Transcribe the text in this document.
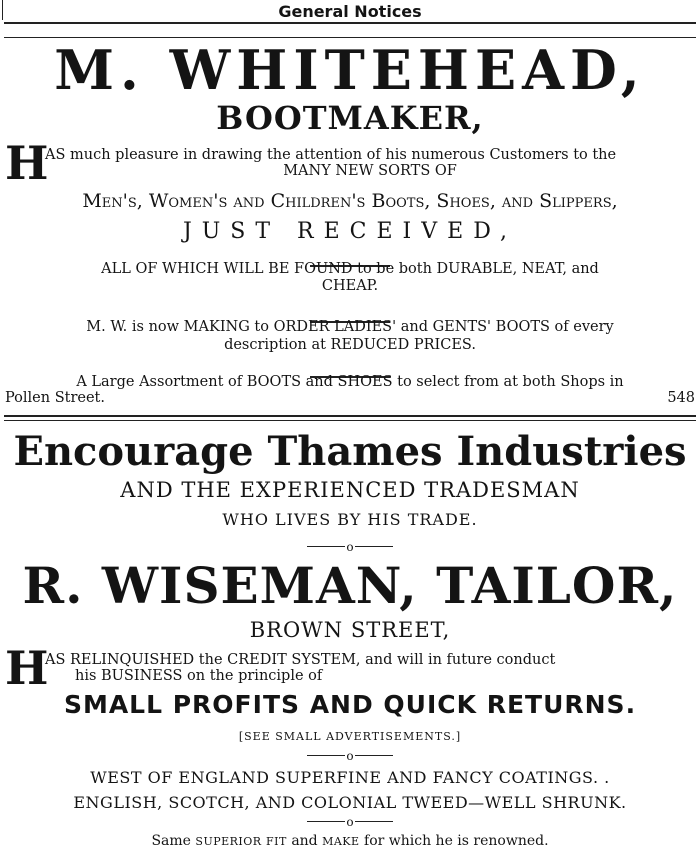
General Notices
M. WHITEHEAD,
BOOTMAKER,
H
AS much pleasure in drawing the attention of his numerous Customers to the
MANY NEW SORTS OF
Men's, Women's and Children's Boots, Shoes, and Slippers,
JUST RECEIVED,
ALL OF WHICH WILL BE FOUND to be both DURABLE, NEAT, and
CHEAP.
M. W. is now MAKING to ORDER LADIES' and GENTS' BOOTS of every
description at REDUCED PRICES.
A Large Assortment of BOOTS and SHOES to select from at both Shops in
Pollen Street.	548
Encourage Thames Industries
AND THE EXPERIENCED TRADESMAN
WHO LIVES BY HIS TRADE.
o
R. WISEMAN, TAILOR,
BROWN STREET,
H
AS RELINQUISHED the CREDIT SYSTEM, and will in future conduct
his BUSINESS on the principle of
SMALL PROFITS AND QUICK RETURNS.
[SEE SMALL ADVERTISEMENTS.]
o
WEST OF ENGLAND SUPERFINE AND FANCY COATINGS. .
ENGLISH, SCOTCH, AND COLONIAL TWEED—WELL SHRUNK.
o
Same SUPERIOR FIT and MAKE for which he is renowned.
